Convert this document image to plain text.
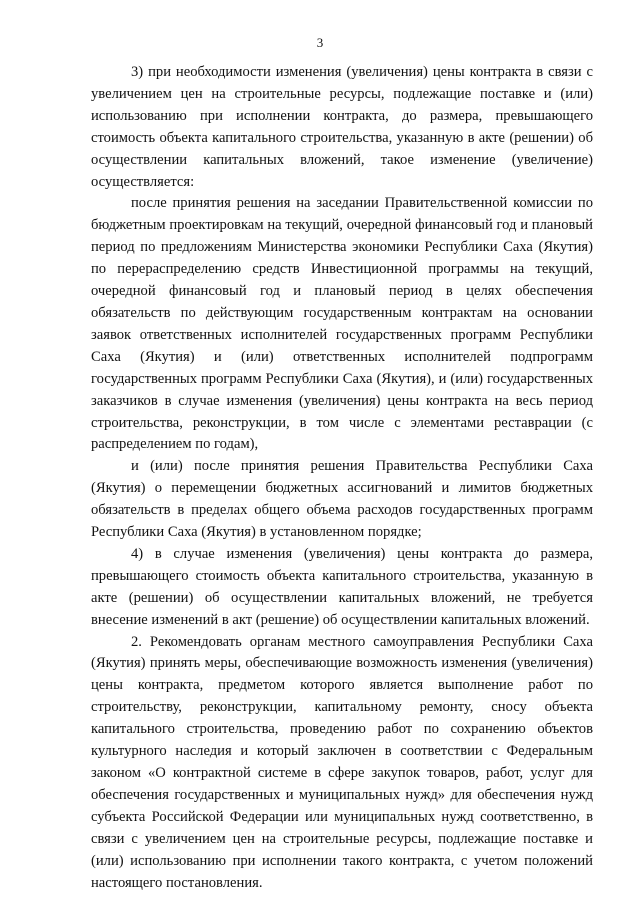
3

3) при необходимости изменения (увеличения) цены контракта в связи с увеличением цен на строительные ресурсы, подлежащие поставке и (или) использованию при исполнении контракта, до размера, превышающего стоимость объекта капитального строительства, указанную в акте (решении) об осуществлении капитальных вложений, такое изменение (увеличение) осуществляется:

после принятия решения на заседании Правительственной комиссии по бюджетным проектировкам на текущий, очередной финансовый год и плановый период по предложениям Министерства экономики Республики Саха (Якутия) по перераспределению средств Инвестиционной программы на текущий, очередной финансовый год и плановый период в целях обеспечения обязательств по действующим государственным контрактам на основании заявок ответственных исполнителей государственных программ Республики Саха (Якутия) и (или) ответственных исполнителей подпрограмм государственных программ Республики Саха (Якутия), и (или) государственных заказчиков в случае изменения (увеличения) цены контракта на весь период строительства, реконструкции, в том числе с элементами реставрации (с распределением по годам),

и (или) после принятия решения Правительства Республики Саха (Якутия) о перемещении бюджетных ассигнований и лимитов бюджетных обязательств в пределах общего объема расходов государственных программ Республики Саха (Якутия) в установленном порядке;

4) в случае изменения (увеличения) цены контракта до размера, превышающего стоимость объекта капитального строительства, указанную в акте (решении) об осуществлении капитальных вложений, не требуется внесение изменений в акт (решение) об осуществлении капитальных вложений.

2. Рекомендовать органам местного самоуправления Республики Саха (Якутия) принять меры, обеспечивающие возможность изменения (увеличения) цены контракта, предметом которого является выполнение работ по строительству, реконструкции, капитальному ремонту, сносу объекта капитального строительства, проведению работ по сохранению объектов культурного наследия и который заключен в соответствии с Федеральным законом «О контрактной системе в сфере закупок товаров, работ, услуг для обеспечения государственных и муниципальных нужд» для обеспечения нужд субъекта Российской Федерации или муниципальных нужд соответственно, в связи с увеличением цен на строительные ресурсы, подлежащие поставке и (или) использованию при исполнении такого контракта, с учетом положений настоящего постановления.
